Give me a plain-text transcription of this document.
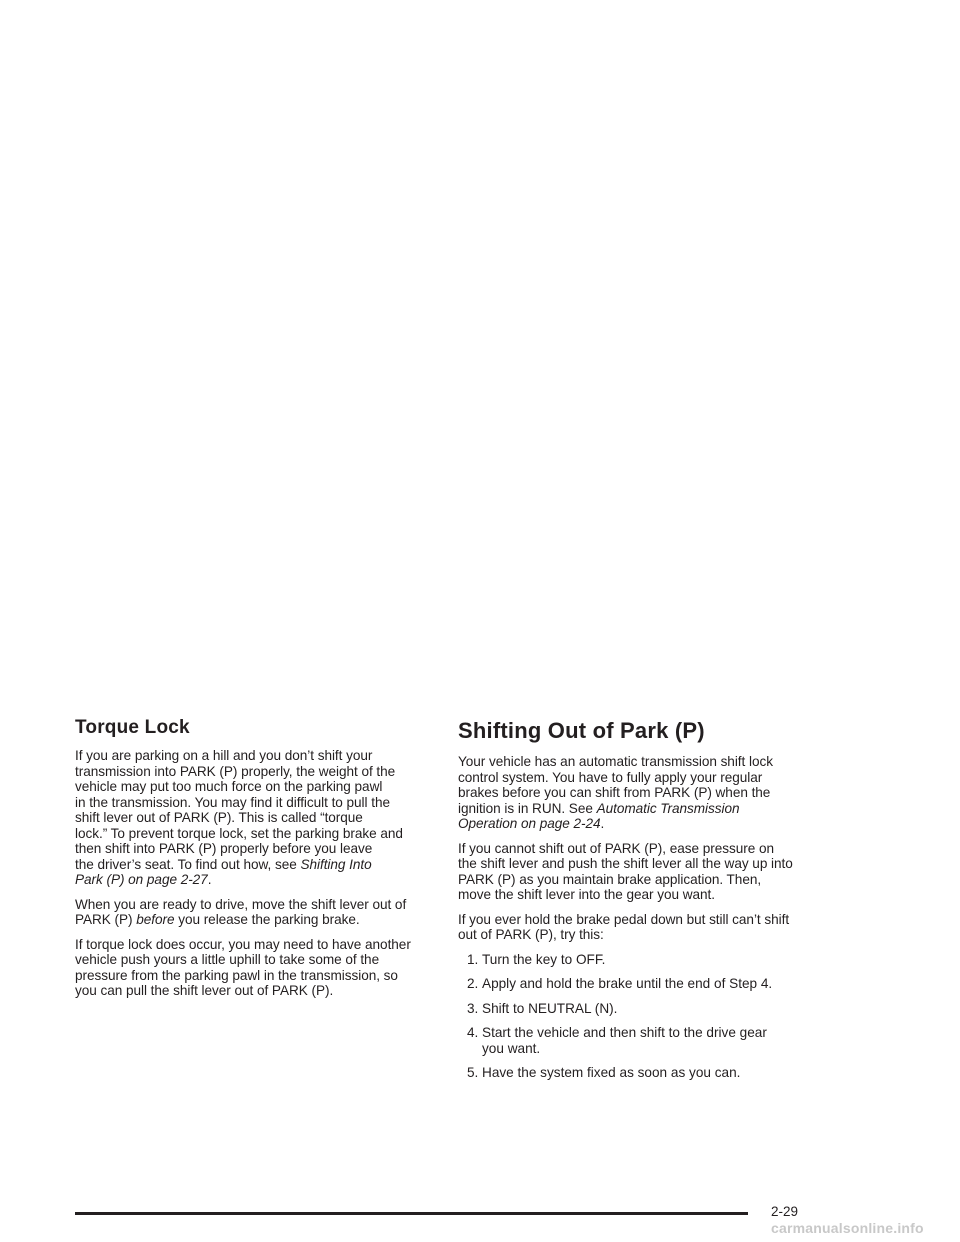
Torque Lock

If you are parking on a hill and you don’t shift your
transmission into PARK (P) properly, the weight of the
vehicle may put too much force on the parking pawl
in the transmission. You may find it difficult to pull the
shift lever out of PARK (P). This is called “torque
lock.” To prevent torque lock, set the parking brake and
then shift into PARK (P) properly before you leave
the driver’s seat. To find out how, see Shifting Into
Park (P) on page 2-27.

When you are ready to drive, move the shift lever out of
PARK (P) before you release the parking brake.

If torque lock does occur, you may need to have another
vehicle push yours a little uphill to take some of the
pressure from the parking pawl in the transmission, so
you can pull the shift lever out of PARK (P).

Shifting Out of Park (P)

Your vehicle has an automatic transmission shift lock
control system. You have to fully apply your regular
brakes before you can shift from PARK (P) when the
ignition is in RUN. See Automatic Transmission
Operation on page 2-24.

If you cannot shift out of PARK (P), ease pressure on
the shift lever and push the shift lever all the way up into
PARK (P) as you maintain brake application. Then,
move the shift lever into the gear you want.

If you ever hold the brake pedal down but still can’t shift
out of PARK (P), try this:

1. Turn the key to OFF.
2. Apply and hold the brake until the end of Step 4.
3. Shift to NEUTRAL (N).
4. Start the vehicle and then shift to the drive gear
you want.
5. Have the system fixed as soon as you can.
2-29
carmanualsonline.info
